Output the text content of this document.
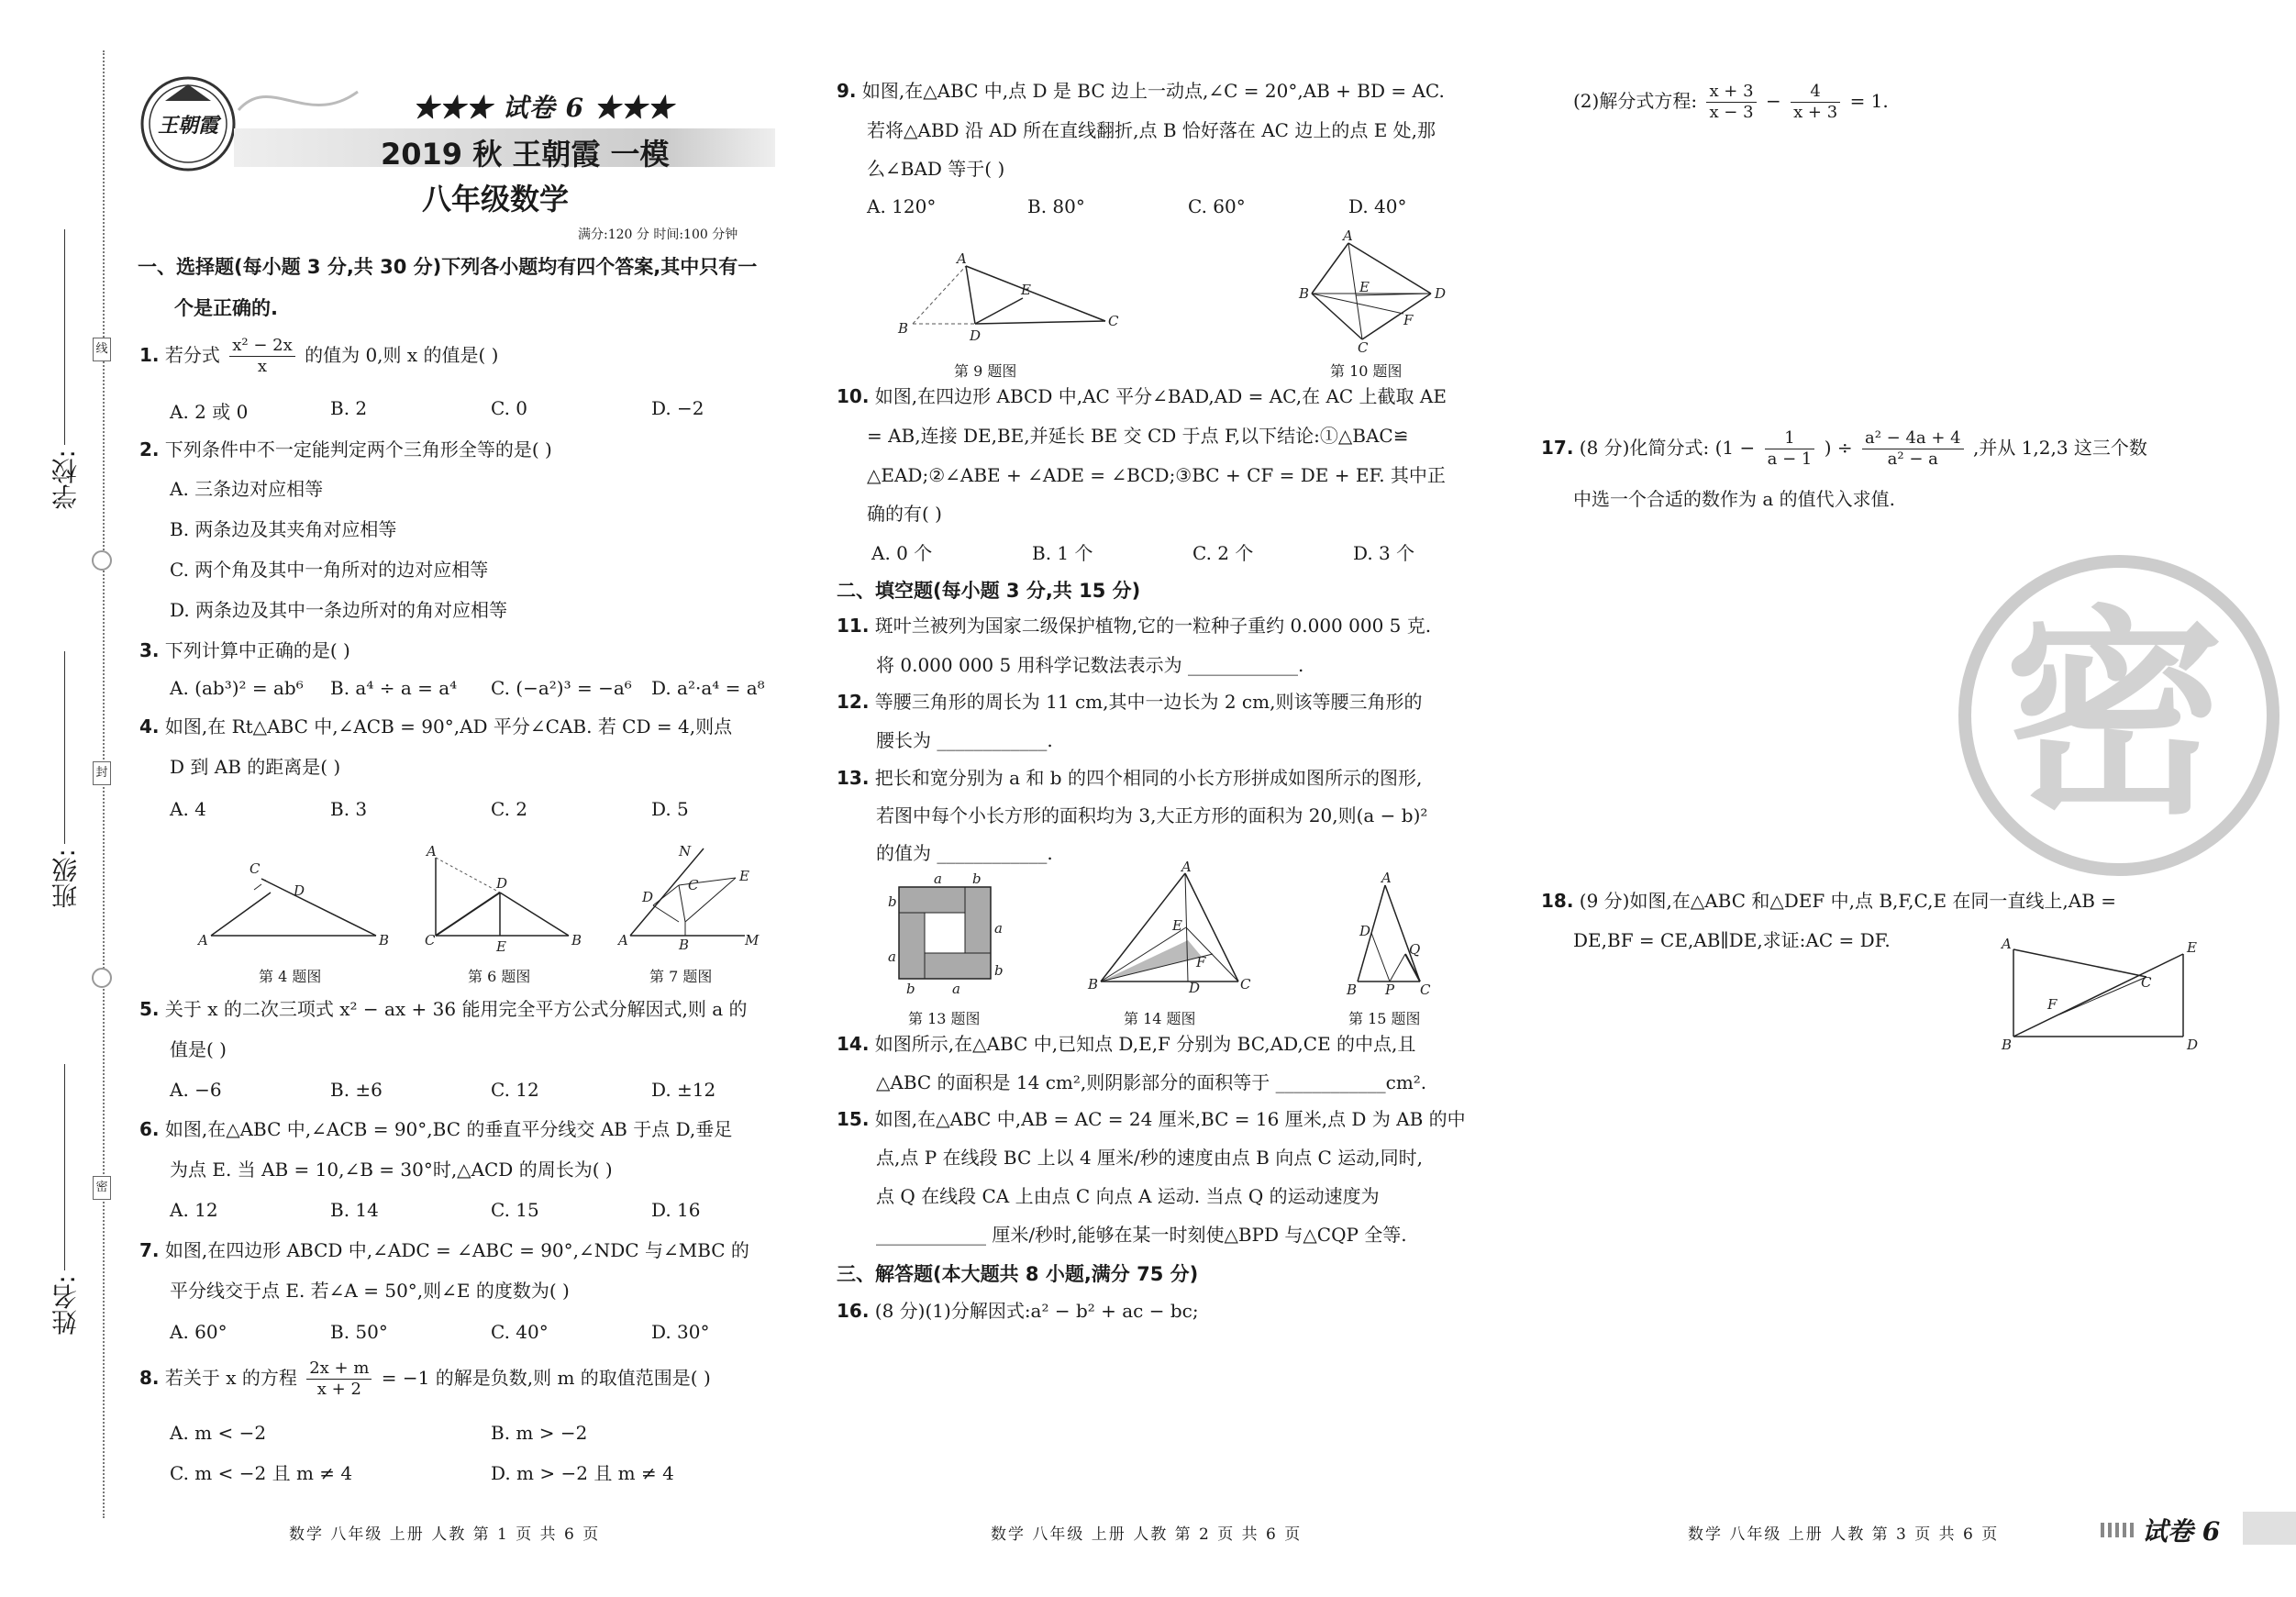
学校:
班级:
姓名:
线
封
密
王朝霞
★★★ 试卷 6 ★★★
2019 秋 王朝霞 一模
八年级数学
满分:120 分 时间:100 分钟
一、选择题(每小题 3 分,共 30 分)下列各小题均有四个答案,其中只有一
个是正确的.
1. 若分式 $\frac{\text{x² − 2x}}{x}$ 的值为 0,则 x 的值是( )
A. 2 或 0	B. 2	C. 0	D. −2
2. 下列条件中不一定能判定两个三角形全等的是( )
A. 三条边对应相等
B. 两条边及其夹角对应相等
C. 两个角及其中一角所对的边对应相等
D. 两条边及其中一条边所对的角对应相等
3. 下列计算中正确的是( )
A. (ab³)² = ab⁶	B. a⁴ ÷ a = a⁴	C. (−a²)³ = −a⁶	D. a²·a⁴ = a⁸
4. 如图,在 Rt△ABC 中,∠ACB = 90°,AD 平分∠CAB. 若 CD = 4,则点
D 到 AB 的距离是( )
A. 4	B. 3	C. 2	D. 5
A	B
C
D
A
C	B
D
E	A	B	M
D
C
E
N
第 4 题图	第 6 题图	第 7 题图
5. 关于 x 的二次三项式 x² − ax + 36 能用完全平方公式分解因式,则 a 的
值是( )
A. −6	B. ±6	C. 12	D. ±12
6. 如图,在△ABC 中,∠ACB = 90°,BC 的垂直平分线交 AB 于点 D,垂足
为点 E. 当 AB = 10,∠B = 30°时,△ACD 的周长为( )
A. 12	B. 14	C. 15	D. 16
7. 如图,在四边形 ABCD 中,∠ADC = ∠ABC = 90°,∠NDC 与∠MBC 的
平分线交于点 E. 若∠A = 50°,则∠E 的度数为( )
A. 60°	B. 50°	C. 40°	D. 30°
8. 若关于 x 的方程 $\frac{2x + m}{x + 2} = -1$ 的解是负数,则 m 的取值范围是( )
A. m < −2	B. m > −2
C. m < −2 且 m ≠ 4	D. m > −2 且 m ≠ 4
9. 如图,在△ABC 中,点 D 是 BC 边上一动点,∠C = 20°,AB + BD = AC.
若将△ABD 沿 AD 所在直线翻折,点 B 恰好落在 AC 边上的点 E 处,那
么∠BAD 等于( )
A. 120°	B. 80°	C. 60°	D. 40°
A
B	D
C
E
A
B	D
C
E
F
第 9 题图	第 10 题图
10. 如图,在四边形 ABCD 中,AC 平分∠BAD,AD = AC,在 AC 上截取 AE
= AB,连接 DE,BE,并延长 BE 交 CD 于点 F,以下结论:①△BAC≌
△EAD;②∠ABE + ∠ADE = ∠BCD;③BC + CF = DE + EF. 其中正
确的有( )
A. 0 个	B. 1 个	C. 2 个	D. 3 个
二、填空题(每小题 3 分,共 15 分)
11. 斑叶兰被列为国家二级保护植物,它的一粒种子重约 0.000 000 5 克.
将 0.000 000 5 用科学记数法表示为 ____________.
12. 等腰三角形的周长为 11 cm,其中一边长为 2 cm,则该等腰三角形的
腰长为 ____________.
13. 把长和宽分别为 a 和 b 的四个相同的小长方形拼成如图所示的图形,
若图中每个小长方形的面积均为 3,大正方形的面积为 20,则(a − b)²
的值为 ____________.
a b
b
a
a
b
b	a
A
B	C
D
E
F
A
D
Q
B P C
第 13 题图	第 14 题图	第 15 题图
14. 如图所示,在△ABC 中,已知点 D,E,F 分别为 BC,AD,CE 的中点,且
△ABC 的面积是 14 cm²,则阴影部分的面积等于 ____________cm².
15. 如图,在△ABC 中,AB = AC = 24 厘米,BC = 16 厘米,点 D 为 AB 的中
点,点 P 在线段 BC 上以 4 厘米/秒的速度由点 B 向点 C 运动,同时,
点 Q 在线段 CA 上由点 C 向点 A 运动. 当点 Q 的运动速度为
____________ 厘米/秒时,能够在某一时刻使△BPD 与△CQP 全等.
三、解答题(本大题共 8 小题,满分 75 分)
16. (8 分)(1)分解因式:a² − b² + ac − bc;
(2)解分式方程: $\frac{x + 3}{x - 3} - \frac{4}{x + 3} = 1$.
17. (8 分)化简分式: ($1 - \frac{1}{a - 1}$ ) ÷ $\frac{\text{a² − 4a + 4}}{\text{a² − a}}$ ,并从 1,2,3 这三个数
中选一个合适的数作为 a 的值代入求值.
密
18. (9 分)如图,在△ABC 和△DEF 中,点 B,F,C,E 在同一直线上,AB =
DE,BF = CE,AB∥DE,求证:AC = DF.	A
B
E
D
F
C
数学 八年级 上册 人教 第 1 页 共 6 页	数学 八年级 上册 人教 第 2 页 共 6 页	数学 八年级 上册 人教 第 3 页 共 6 页	试卷 6
